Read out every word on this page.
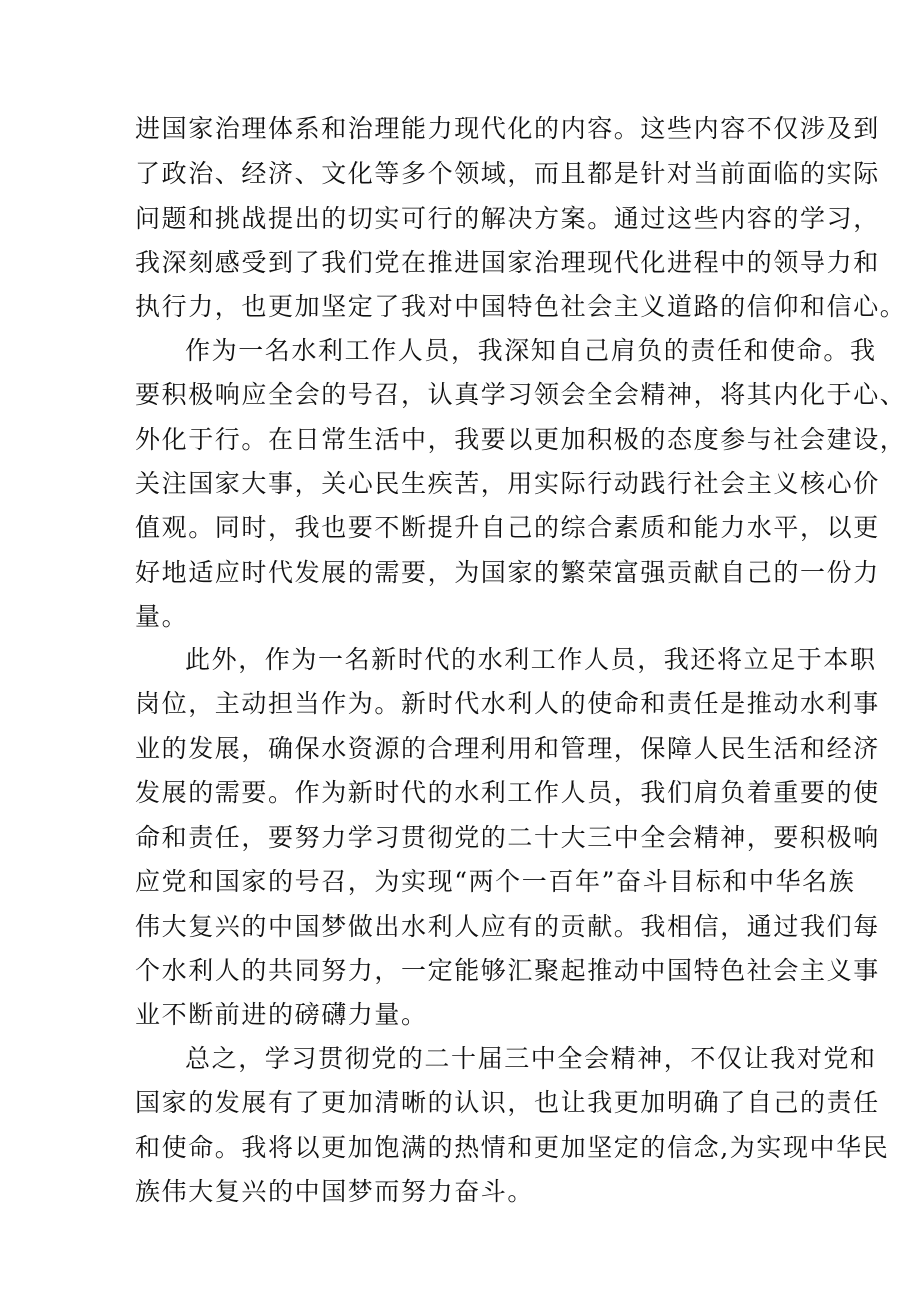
进国家治理体系和治理能力现代化的内容。这些内容不仅涉及到
了政治、经济、文化等多个领域，而且都是针对当前面临的实际
问题和挑战提出的切实可行的解决方案。通过这些内容的学习，
我深刻感受到了我们党在推进国家治理现代化进程中的领导力和
执行力，也更加坚定了我对中国特色社会主义道路的信仰和信心。
作为一名水利工作人员，我深知自己肩负的责任和使命。我
要积极响应全会的号召，认真学习领会全会精神，将其内化于心、
外化于行。在日常生活中，我要以更加积极的态度参与社会建设，
关注国家大事，关心民生疾苦，用实际行动践行社会主义核心价
值观。同时，我也要不断提升自己的综合素质和能力水平，以更
好地适应时代发展的需要，为国家的繁荣富强贡献自己的一份力
量。
此外，作为一名新时代的水利工作人员，我还将立足于本职
岗位，主动担当作为。新时代水利人的使命和责任是推动水利事
业的发展，确保水资源的合理利用和管理，保障人民生活和经济
发展的需要。作为新时代的水利工作人员，我们肩负着重要的使
命和责任，要努力学习贯彻党的二十大三中全会精神，要积极响
应党和国家的号召，为实现“两个一百年”奋斗目标和中华名族
伟大复兴的中国梦做出水利人应有的贡献。我相信，通过我们每
个水利人的共同努力，一定能够汇聚起推动中国特色社会主义事
业不断前进的磅礴力量。
总之，学习贯彻党的二十届三中全会精神，不仅让我对党和
国家的发展有了更加清晰的认识，也让我更加明确了自己的责任
和使命。我将以更加饱满的热情和更加坚定的信念,为实现中华民
族伟大复兴的中国梦而努力奋斗。
